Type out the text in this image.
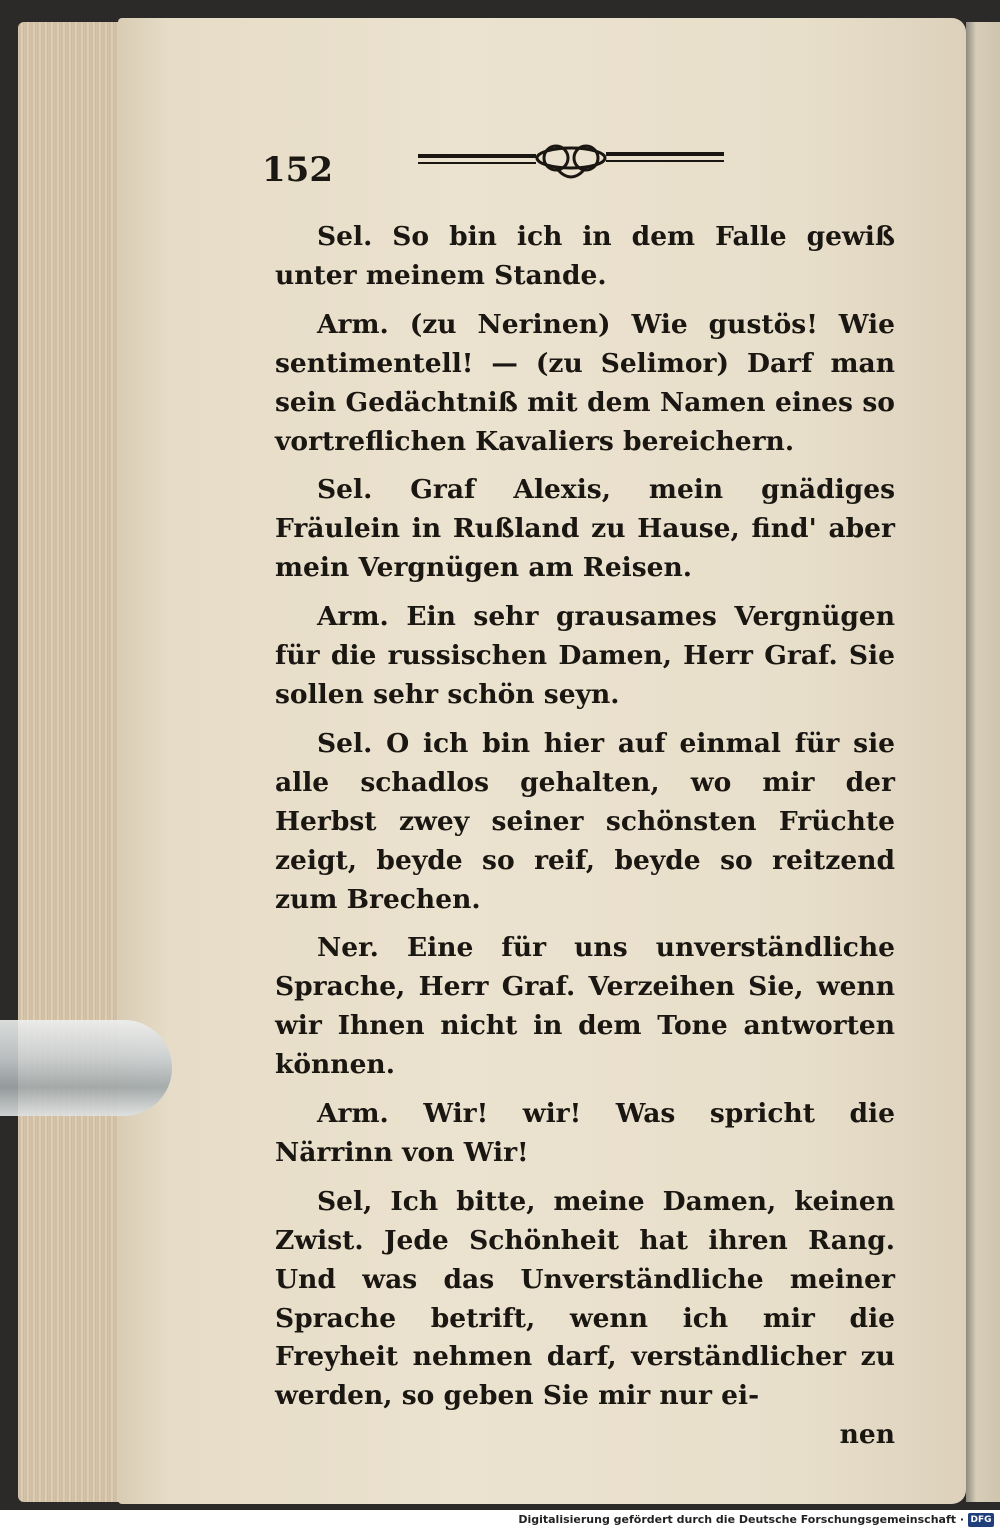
152

Sel. So bin ich in dem Falle gewiß unter meinem Stande.

Arm. (zu Nerinen) Wie gustös! Wie sentimentell! — (zu Selimor) Darf man sein Gedächtniß mit dem Namen eines so vortreflichen Kavaliers bereichern.

Sel. Graf Alexis, mein gnädiges Fräulein in Rußland zu Hause, find' aber mein Vergnügen am Reisen.

Arm. Ein sehr grausames Vergnügen für die russischen Damen, Herr Graf. Sie sollen sehr schön seyn.

Sel. O ich bin hier auf einmal für sie alle schadlos gehalten, wo mir der Herbst zwey seiner schönsten Früchte zeigt, beyde so reif, beyde so reitzend zum Brechen.

Ner. Eine für uns unverständliche Sprache, Herr Graf. Verzeihen Sie, wenn wir Ihnen nicht in dem Tone antworten können.

Arm. Wir! wir! Was spricht die Närrinn von Wir!

Sel, Ich bitte, meine Damen, keinen Zwist. Jede Schönheit hat ihren Rang. Und was das Unverständliche meiner Sprache betrift, wenn ich mir die Freyheit nehmen darf, verständlicher zu werden, so geben Sie mir nur ei-

nen
Digitalisierung gefördert durch die Deutsche Forschungsgemeinschaft · DFG
